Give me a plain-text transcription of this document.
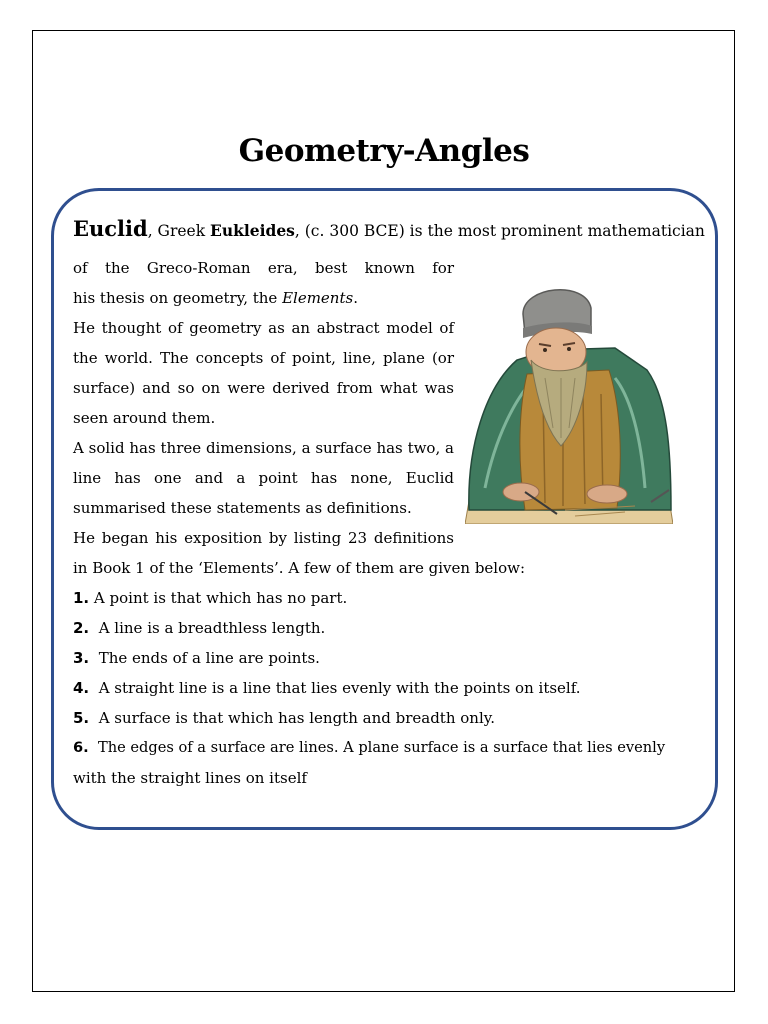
Geometry-Angles

Euclid, Greek Eukleides, (c. 300 BCE) is the most prominent mathematician

of the Greco-Roman era, best known for

his thesis on geometry, the Elements.

He thought of geometry as an abstract model of

the world. The concepts of point, line, plane (or

surface) and so on were derived from what was

seen around them.

A solid has three dimensions, a surface has two, a

line has one and a point has none, Euclid

summarised these statements as definitions.

He began his exposition by listing 23 definitions

in Book 1 of the ‘Elements’. A few of them are given below:

1. A point is that which has no part.

2. A line is a breadthless length.

3. The ends of a line are points.

4. A straight line is a line that lies evenly with the points on itself.

5. A surface is that which has length and breadth only.

6. The edges of a surface are lines. A plane surface is a surface that lies evenly

with the straight lines on itself
